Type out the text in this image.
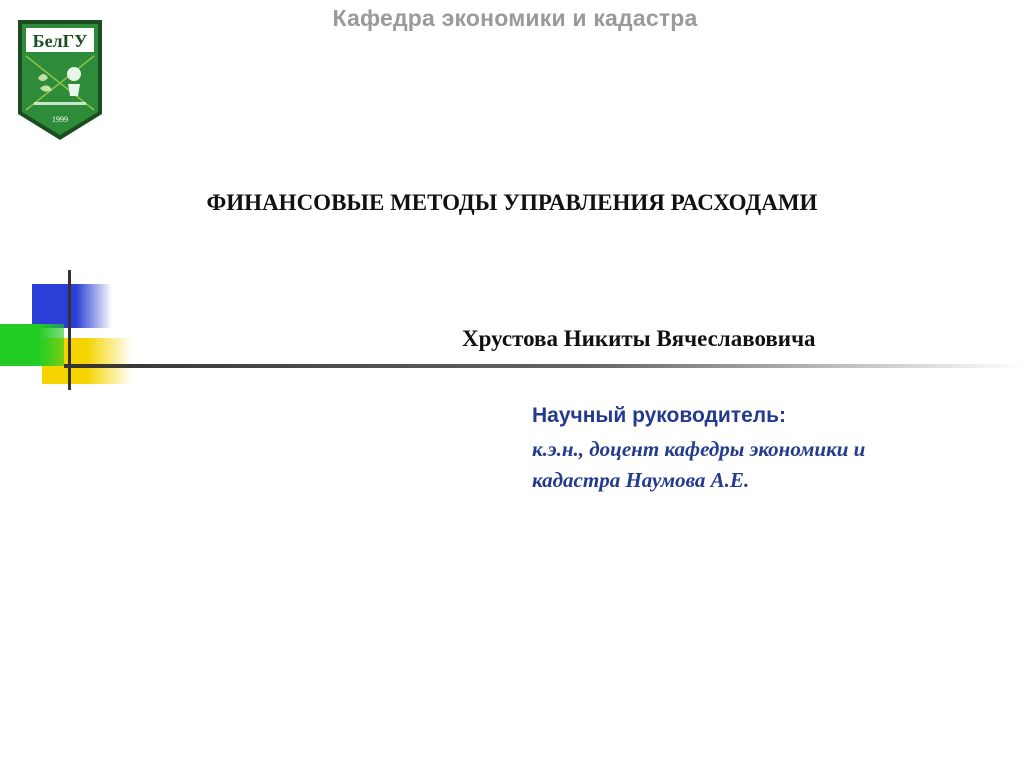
БелГУ
1999
Кафедра экономики и кадастра
ФИНАНСОВЫЕ МЕТОДЫ УПРАВЛЕНИЯ РАСХОДАМИ
Хрустова Никиты Вячеславовича
Научный руководитель:
к.э.н., доцент кафедры экономики и
кадастра Наумова А.Е.
